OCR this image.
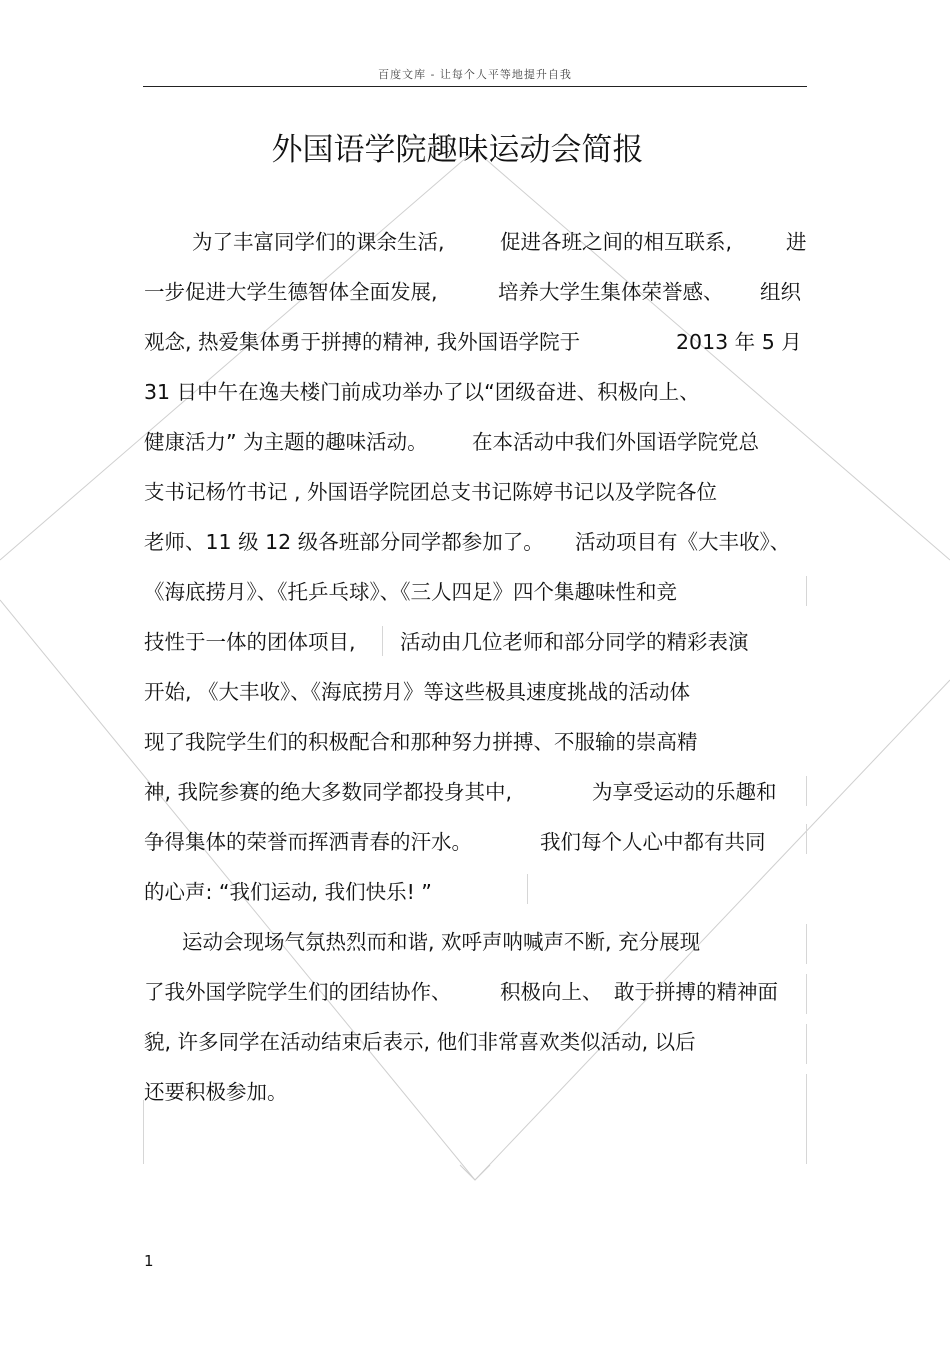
百度文库 - 让每个人平等地提升自我
外国语学院趣味运动会简报
为了丰富同学们的课余生活,	促进各班之间的相互联系,	进
一步促进大学生德智体全面发展,	培养大学生集体荣誉感、 组织
观念, 热爱集体勇于拼搏的精神, 我外国语学院于	2013 年 5 月
31 日中午在逸夫楼门前成功举办了以“团级奋进、积极向上、
健康活力” 为主题的趣味活动。 在本活动中我们外国语学院党总
支书记杨竹书记 , 外国语学院团总支书记陈婷书记以及学院各位
老师、11 级 12 级各班部分同学都参加了。 活动项目有《大丰收》、
《海底捞月》、《托乒乓球》、《三人四足》四个集趣味性和竞
技性于一体的团体项目, 活动由几位老师和部分同学的精彩表演
开始, 《大丰收》、《海底捞月》等这些极具速度挑战的活动体
现了我院学生们的积极配合和那种努力拼搏、不服输的崇高精
神, 我院参赛的绝大多数同学都投身其中,	为享受运动的乐趣和
争得集体的荣誉而挥洒青春的汗水。	我们每个人心中都有共同
的心声: “我们运动, 我们快乐! ”
运动会现场气氛热烈而和谐, 欢呼声呐喊声不断, 充分展现
了我外国学院学生们的团结协作、 积极向上、 敢于拼搏的精神面
貌, 许多同学在活动结束后表示, 他们非常喜欢类似活动, 以后
还要积极参加。
1
